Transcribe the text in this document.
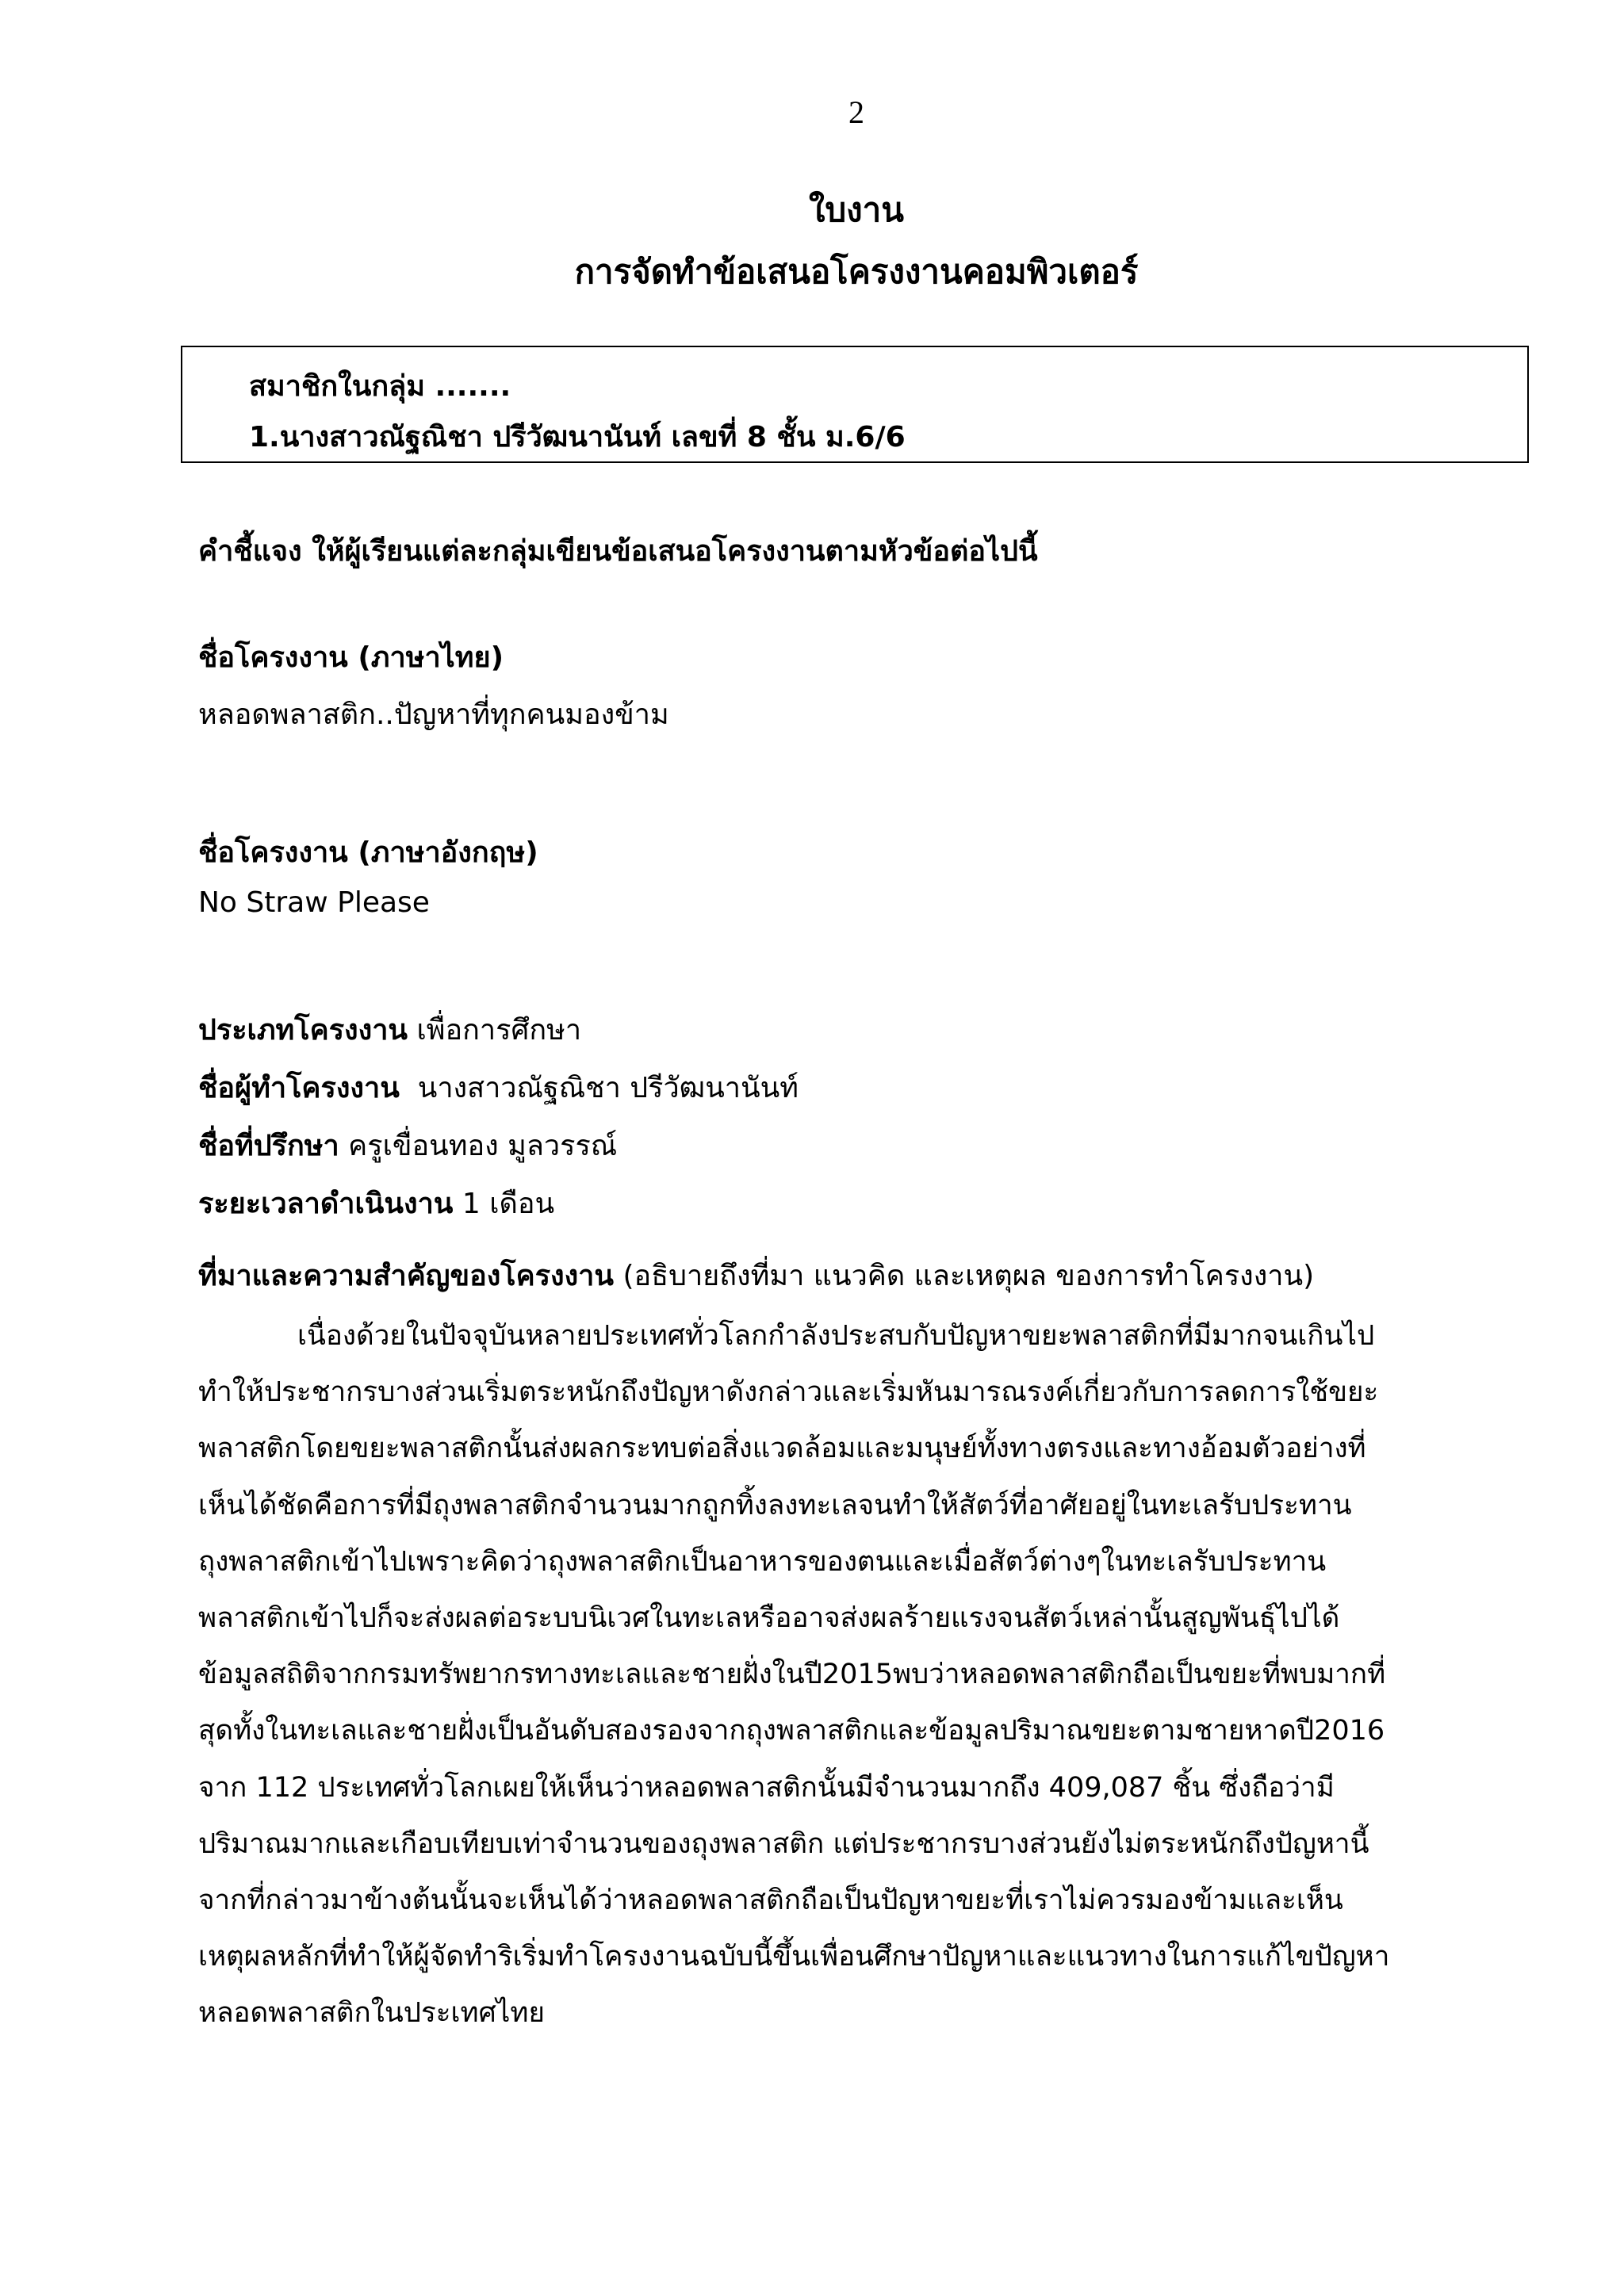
2
ใบงาน
การจัดทำข้อเสนอโครงงานคอมพิวเตอร์
สมาชิกในกลุ่ม .......
1.นางสาวณัฐณิชา ปรีวัฒนานันท์ เลขที่ 8 ชั้น ม.6/6
คำชี้แจง ให้ผู้เรียนแต่ละกลุ่มเขียนข้อเสนอโครงงานตามหัวข้อต่อไปนี้
ชื่อโครงงาน (ภาษาไทย)
หลอดพลาสติก..ปัญหาที่ทุกคนมองข้าม
ชื่อโครงงาน (ภาษาอังกฤษ)
No Straw Please
ประเภทโครงงาน เพื่อการศึกษา
ชื่อผู้ทำโครงงาน  นางสาวณัฐณิชา ปรีวัฒนานันท์
ชื่อที่ปรึกษา ครูเขื่อนทอง มูลวรรณ์
ระยะเวลาดำเนินงาน 1 เดือน
ที่มาและความสำคัญของโครงงาน (อธิบายถึงที่มา แนวคิด และเหตุผล ของการทำโครงงาน)
เนื่องด้วยในปัจจุบันหลายประเทศทั่วโลกกำลังประสบกับปัญหาขยะพลาสติกที่มีมากจนเกินไป
ทำให้ประชากรบางส่วนเริ่มตระหนักถึงปัญหาดังกล่าวและเริ่มหันมารณรงค์เกี่ยวกับการลดการใช้ขยะ
พลาสติกโดยขยะพลาสติกนั้นส่งผลกระทบต่อสิ่งแวดล้อมและมนุษย์ทั้งทางตรงและทางอ้อมตัวอย่างที่
เห็นได้ชัดคือการที่มีถุงพลาสติกจำนวนมากถูกทิ้งลงทะเลจนทำให้สัตว์ที่อาศัยอยู่ในทะเลรับประทาน
ถุงพลาสติกเข้าไปเพราะคิดว่าถุงพลาสติกเป็นอาหารของตนและเมื่อสัตว์ต่างๆในทะเลรับประทาน
พลาสติกเข้าไปก็จะส่งผลต่อระบบนิเวศในทะเลหรืออาจส่งผลร้ายแรงจนสัตว์เหล่านั้นสูญพันธุ์ไปได้
ข้อมูลสถิติจากกรมทรัพยากรทางทะเลและชายฝั่งในปี2015พบว่าหลอดพลาสติกถือเป็นขยะที่พบมากที่
สุดทั้งในทะเลและชายฝั่งเป็นอันดับสองรองจากถุงพลาสติกและข้อมูลปริมาณขยะตามชายหาดปี2016
จาก 112 ประเทศทั่วโลกเผยให้เห็นว่าหลอดพลาสติกนั้นมีจำนวนมากถึง 409,087 ชิ้น ซึ่งถือว่ามี
ปริมาณมากและเกือบเทียบเท่าจำนวนของถุงพลาสติก แต่ประชากรบางส่วนยังไม่ตระหนักถึงปัญหานี้
จากที่กล่าวมาข้างต้นนั้นจะเห็นได้ว่าหลอดพลาสติกถือเป็นปัญหาขยะที่เราไม่ควรมองข้ามและเห็น
เหตุผลหลักที่ทำให้ผู้จัดทำริเริ่มทำโครงงานฉบับนี้ขึ้นเพื่อนศึกษาปัญหาและแนวทางในการแก้ไขปัญหา
หลอดพลาสติกในประเทศไทย
